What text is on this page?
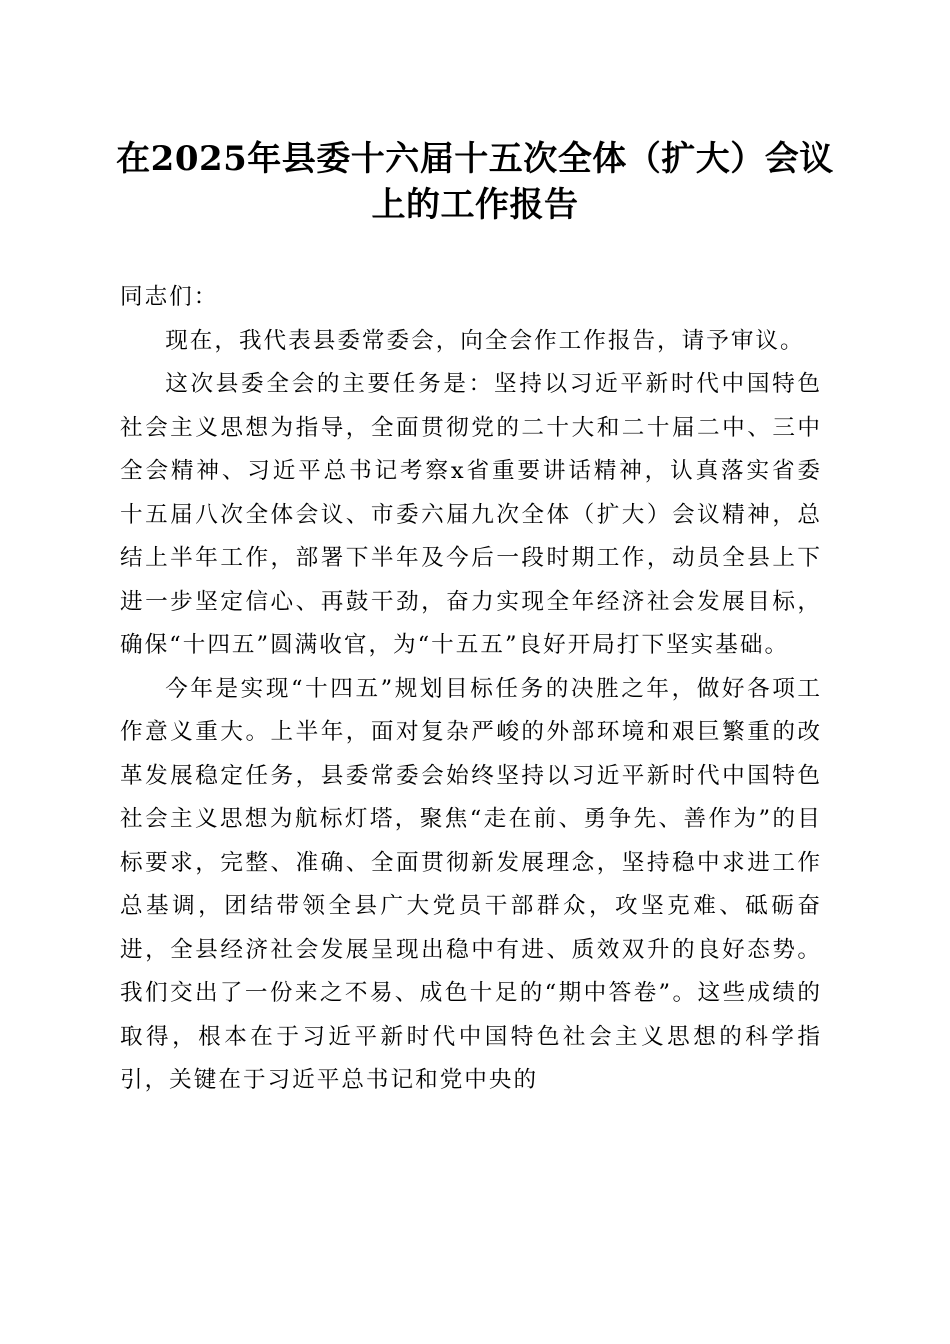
在2025年县委十六届十五次全体（扩大）会议上的工作报告

同志们：

现在，我代表县委常委会，向全会作工作报告，请予审议。

这次县委全会的主要任务是：坚持以习近平新时代中国特色社会主义思想为指导，全面贯彻党的二十大和二十届二中、三中全会精神、习近平总书记考察x省重要讲话精神，认真落实省委十五届八次全体会议、市委六届九次全体（扩大）会议精神，总结上半年工作，部署下半年及今后一段时期工作，动员全县上下进一步坚定信心、再鼓干劲，奋力实现全年经济社会发展目标，确保“十四五”圆满收官，为“十五五”良好开局打下坚实基础。

今年是实现“十四五”规划目标任务的决胜之年，做好各项工作意义重大。上半年，面对复杂严峻的外部环境和艰巨繁重的改革发展稳定任务，县委常委会始终坚持以习近平新时代中国特色社会主义思想为航标灯塔，聚焦“走在前、勇争先、善作为”的目标要求，完整、准确、全面贯彻新发展理念，坚持稳中求进工作总基调，团结带领全县广大党员干部群众，攻坚克难、砥砺奋进，全县经济社会发展呈现出稳中有进、质效双升的良好态势。我们交出了一份来之不易、成色十足的“期中答卷”。这些成绩的取得，根本在于习近平新时代中国特色社会主义思想的科学指引，关键在于习近平总书记和党中央的
